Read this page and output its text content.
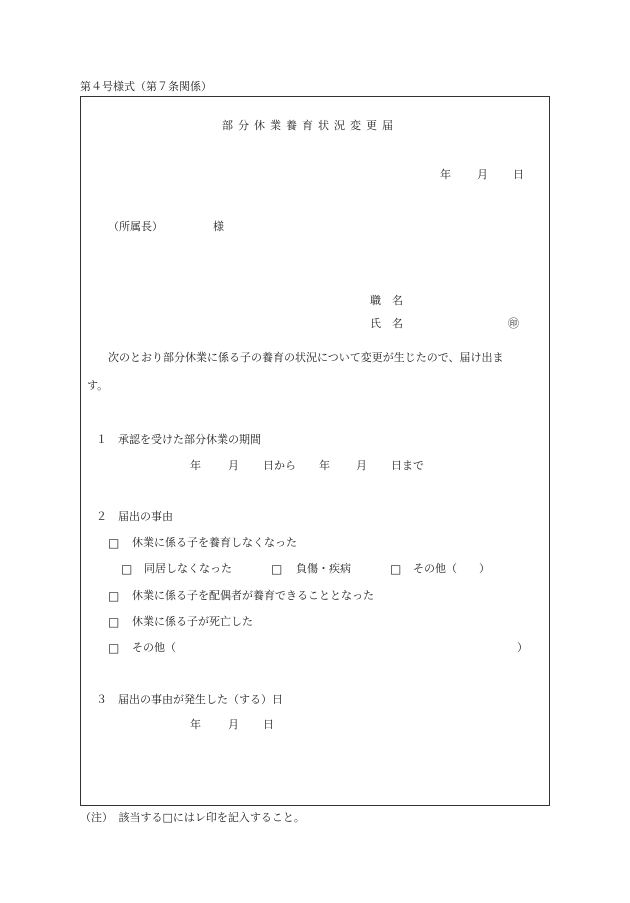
第４号様式（第７条関係）
部分休業養育状況変更届
年 月 日
（所属長）	様
職　名
氏　名	㊞
次のとおり部分休業に係る子の養育の状況について変更が生じたので、届け出ま
す。
１　承認を受けた部分休業の期間
年 月 日から 年 月 日まで
２　届出の事由
□ 休業に係る子を養育しなくなった
□ 同居しなくなった	□ 負傷・疾病	□ その他（　　）
□ 休業に係る子を配偶者が養育できることとなった
□ 休業に係る子が死亡した
□ その他（	）
３　届出の事由が発生した（する）日
年 月 日
（注）　該当する□にはレ印を記入すること。
